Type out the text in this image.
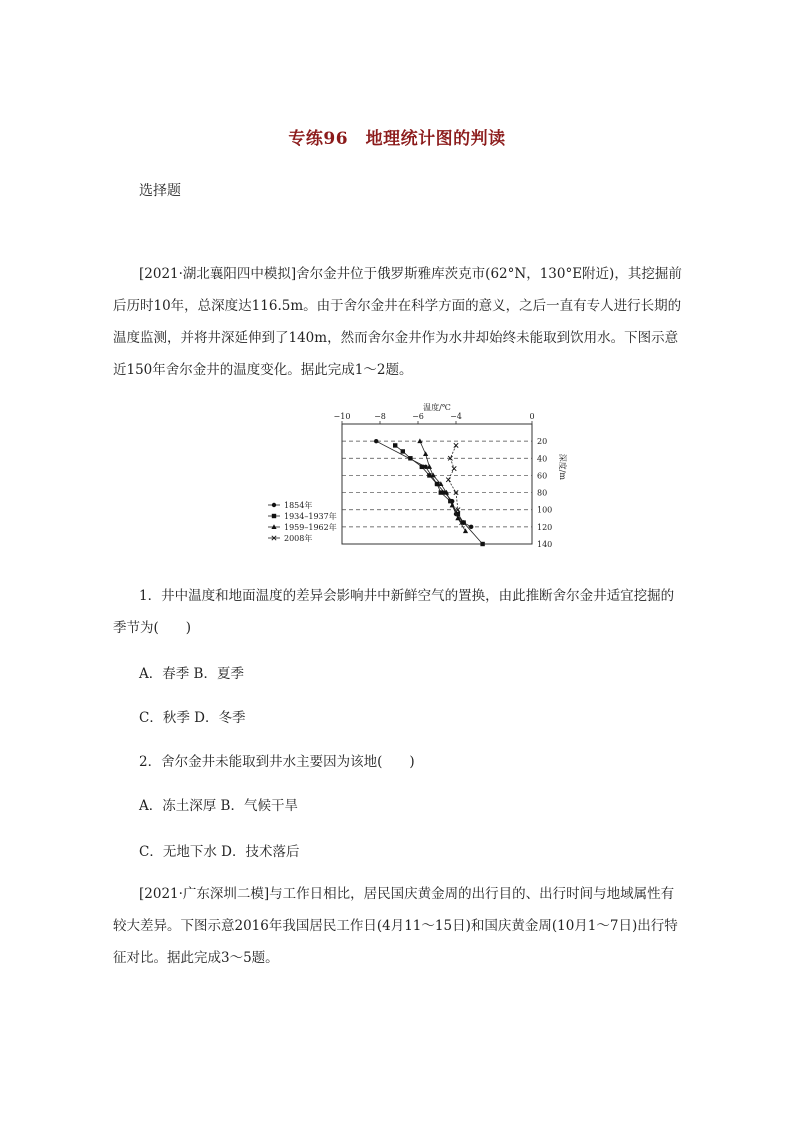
专练96　地理统计图的判读
选择题

[2021·湖北襄阳四中模拟]舍尔金井位于俄罗斯雅库茨克市(62°N，130°E附近)，其挖掘前后历时10年，总深度达116.5m。由于舍尔金井在科学方面的意义，之后一直有专人进行长期的温度监测，并将井深延伸到了140m，然而舍尔金井作为水井却始终未能取到饮用水。下图示意近150年舍尔金井的温度变化。据此完成1～2题。

−10	−8	−6	−4	0
温度/℃
20
40
60
80
100
120
140
深度/m
1854年
1934–1937年
1959–1962年
2008年

1．井中温度和地面温度的差异会影响井中新鲜空气的置换，由此推断舍尔金井适宜挖掘的季节为(　　)

A．春季 B．夏季
C．秋季 D．冬季
2．舍尔金井未能取到井水主要因为该地(　　)
A．冻土深厚 B．气候干旱
C．无地下水 D．技术落后

[2021·广东深圳二模]与工作日相比，居民国庆黄金周的出行目的、出行时间与地域属性有较大差异。下图示意2016年我国居民工作日(4月11～15日)和国庆黄金周(10月1～7日)出行特征对比。据此完成3～5题。
